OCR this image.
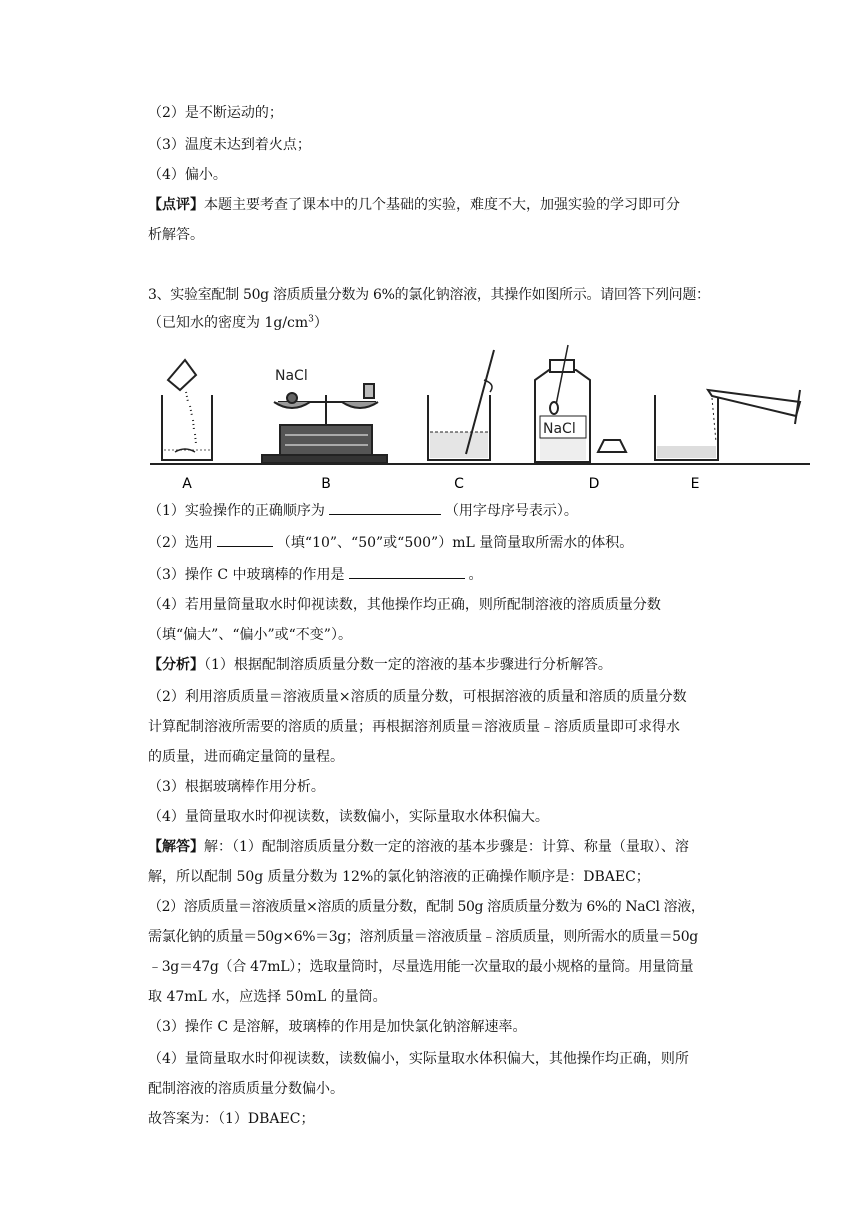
（2）是不断运动的；
（3）温度未达到着火点；
（4）偏小。
【点评】本题主要考查了课本中的几个基础的实验，难度不大，加强实验的学习即可分
析解答。
3、实验室配制 50g 溶质质量分数为 6%的氯化钠溶液，其操作如图所示。请回答下列问题：
（已知水的密度为 $1g/cm^3$）
NaCl
NaCl
A	B	C	D	E
（1）实验操作的正确顺序为	（用字母序号表示）。
（2）选用	（填“10”、“50”或“500”）mL 量筒量取所需水的体积。
（3）操作 C 中玻璃棒的作用是	。
（4）若用量筒量取水时仰视读数，其他操作均正确，则所配制溶液的溶质质量分数
（填“偏大”、“偏小”或“不变”）。
【分析】（1）根据配制溶质质量分数一定的溶液的基本步骤进行分析解答。
（2）利用溶质质量＝溶液质量×溶质的质量分数，可根据溶液的质量和溶质的质量分数
计算配制溶液所需要的溶质的质量；再根据溶剂质量＝溶液质量﹣溶质质量即可求得水
的质量，进而确定量筒的量程。
（3）根据玻璃棒作用分析。
（4）量筒量取水时仰视读数，读数偏小，实际量取水体积偏大。
【解答】解：（1）配制溶质质量分数一定的溶液的基本步骤是：计算、称量（量取）、溶
解，所以配制 50g 质量分数为 12%的氯化钠溶液的正确操作顺序是：DBAEC；
（2）溶质质量＝溶液质量×溶质的质量分数，配制 50g 溶质质量分数为 6%的 NaCl 溶液，
需氯化钠的质量＝50g×6%＝3g；溶剂质量＝溶液质量﹣溶质质量，则所需水的质量＝50g
﹣3g＝47g（合 47mL）；选取量筒时，尽量选用能一次量取的最小规格的量筒。用量筒量
取 47mL 水，应选择 50mL 的量筒。
（3）操作 C 是溶解，玻璃棒的作用是加快氯化钠溶解速率。
（4）量筒量取水时仰视读数，读数偏小，实际量取水体积偏大，其他操作均正确，则所
配制溶液的溶质质量分数偏小。
故答案为：（1）DBAEC；
